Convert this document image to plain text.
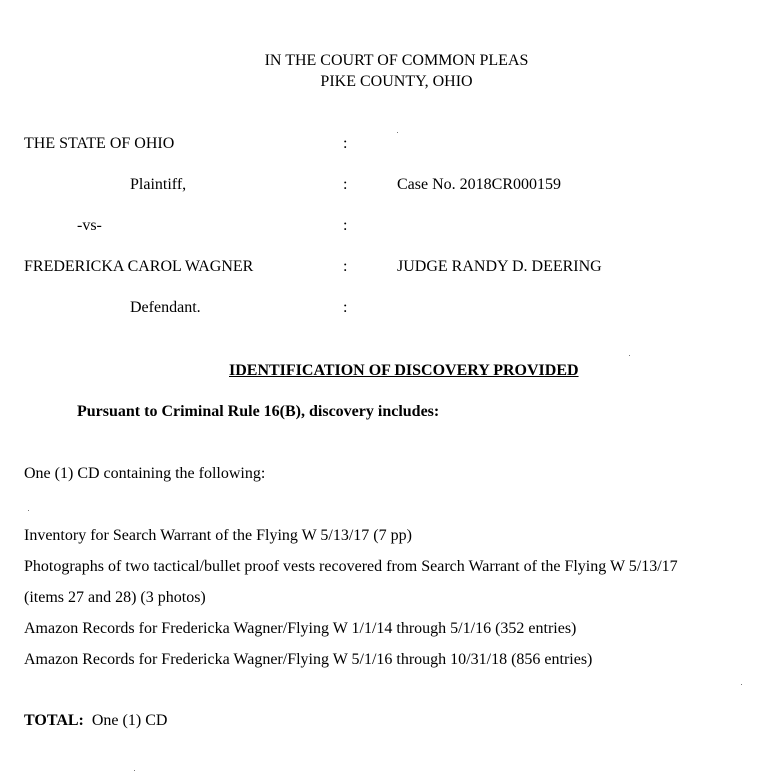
IN THE COURT OF COMMON PLEAS
PIKE COUNTY, OHIO
THE STATE OF OHIO
Plaintiff,
-vs-
FREDERICKA CAROL WAGNER
Defendant.
:
:
:
:
:
Case No. 2018CR000159
JUDGE RANDY D. DEERING
IDENTIFICATION OF DISCOVERY PROVIDED
Pursuant to Criminal Rule 16(B), discovery includes:
One (1) CD containing the following:
Inventory for Search Warrant of the Flying W 5/13/17 (7 pp)
Photographs of two tactical/bullet proof vests recovered from Search Warrant of the Flying W 5/13/17
(items 27 and 28) (3 photos)
Amazon Records for Fredericka Wagner/Flying W 1/1/14 through 5/1/16 (352 entries)
Amazon Records for Fredericka Wagner/Flying W 5/1/16 through 10/31/18 (856 entries)
TOTAL: One (1) CD
